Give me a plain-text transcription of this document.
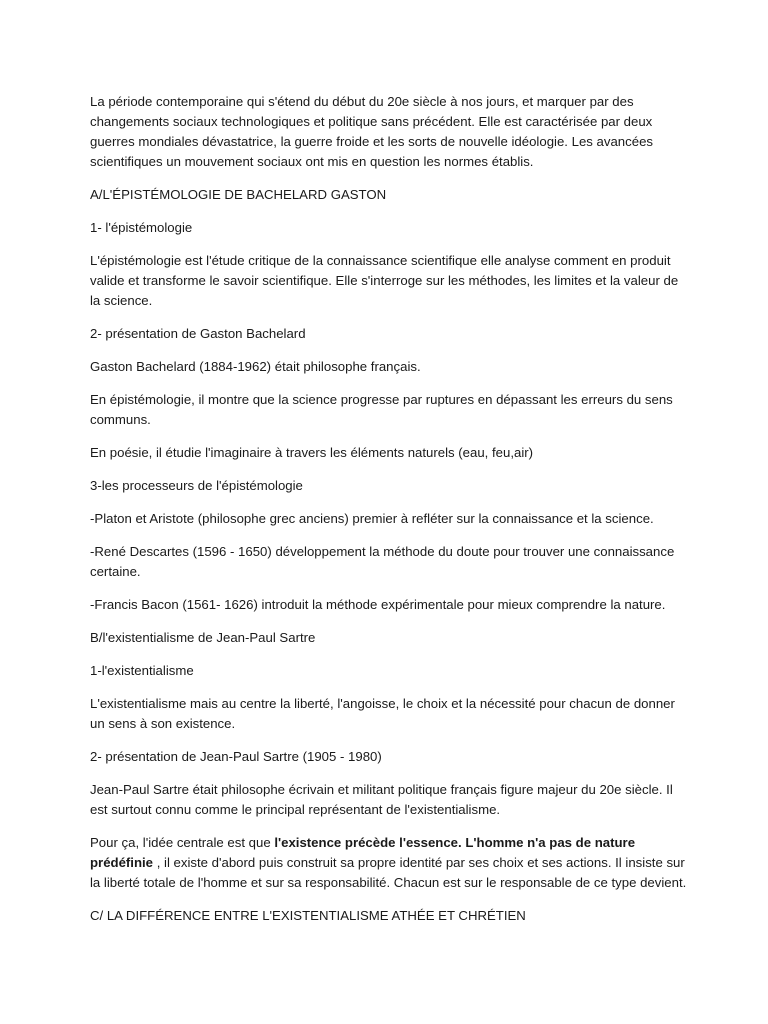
La période contemporaine qui s'étend du début du 20e siècle à nos jours, et marquer par des changements sociaux technologiques et politique sans précédent. Elle est caractérisée par deux guerres mondiales dévastatrice, la guerre froide et les sorts de nouvelle idéologie. Les avancées scientifiques un mouvement sociaux ont mis en question les normes établis.

A/L'ÉPISTÉMOLOGIE DE BACHELARD GASTON

1- l'épistémologie

L'épistémologie est l'étude critique de la connaissance scientifique elle analyse comment en produit valide et transforme le savoir scientifique. Elle s'interroge sur les méthodes, les limites et la valeur de la science.

2- présentation de Gaston Bachelard

Gaston Bachelard (1884-1962) était philosophe français.

En épistémologie, il montre que la science progresse par ruptures en dépassant les erreurs du sens communs.

En poésie, il étudie l'imaginaire à travers les éléments naturels (eau, feu,air)

3-les processeurs de l'épistémologie

-Platon et Aristote (philosophe grec anciens) premier à refléter sur la connaissance et la science.

-René Descartes (1596 - 1650) développement la méthode du doute pour trouver une connaissance certaine.

-Francis Bacon (1561- 1626) introduit la méthode expérimentale pour mieux comprendre la nature.

B/l'existentialisme de Jean-Paul Sartre

1-l'existentialisme

L'existentialisme mais au centre la liberté, l'angoisse, le choix et la nécessité pour chacun de donner un sens à son existence.

2- présentation de Jean-Paul Sartre (1905 - 1980)

Jean-Paul Sartre était philosophe écrivain et militant politique français figure majeur du 20e siècle. Il est surtout connu comme le principal représentant de l'existentialisme.

Pour ça, l'idée centrale est que l'existence précède l'essence. L'homme n'a pas de nature prédéfinie , il existe d'abord puis construit sa propre identité par ses choix et ses actions. Il insiste sur la liberté totale de l'homme et sur sa responsabilité. Chacun est sur le responsable de ce type devient.

C/ LA DIFFÉRENCE ENTRE L'EXISTENTIALISME ATHÉE ET CHRÉTIEN
